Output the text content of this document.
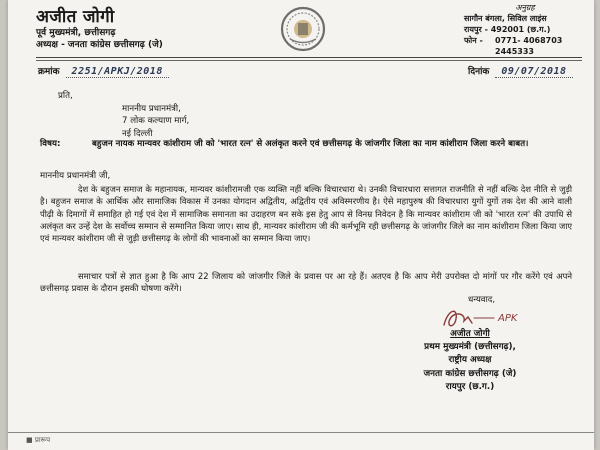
अजीत जोगी
पूर्व मुख्यमंत्री, छत्तीसगढ़
अध्यक्ष - जनता कांग्रेस छत्तीसगढ़ (जे)
अनुग्रह
सागौन बंगला, सिविल लाइंस
रायपुर - 492001 (छ.ग.)
फोन -	0771- 4068703
2445333
क्रमांक	2251/APKJ/2018	दिनांक	09/07/2018
प्रति,
माननीय प्रधानमंत्री,
7 लोक कल्याण मार्ग,
नई दिल्ली
विषय:	बहुजन नायक मान्यवर कांशीराम जी को 'भारत रत्न' से अलंकृत करने एवं छत्तीसगढ़ के जांजगीर जिला का नाम कांशीराम जिला करने बाबत।
माननीय प्रधानमंत्री जी,
देश के बहुजन समाज के महानायक, मान्यवर कांशीरामजी एक व्यक्ति नहीं बल्कि विचारधारा थे। उनकी विचारधारा सत्तागत राजनीति से नहीं बल्कि देश नीति से जुड़ी है। बहुजन समाज के आर्थिक और सामाजिक विकास में उनका योगदान अद्वितीय, अद्वितीय एवं अविस्मरणीय है। ऐसे महापुरुष की विचारधारा युगों युगों तक देश की आने वाली पीढ़ी के दिमागों में समाहित हो गई एवं देश में सामाजिक समानता का उदाहरण बन सके इस हेतु आप से विनम्र निवेदन है कि मान्यवर कांशीराम जी को 'भारत रत्न' की उपाधि से अलंकृत कर उन्हें देश के सर्वोच्च सम्मान से सम्मानित किया जाए। साथ ही, मान्यवर कांशीराम जी की कर्मभूमि रही छत्तीसगढ़ के जांजगीर जिले का नाम कांशीराम जिला किया जाए एवं मान्यवर कांशीराम जी से जुड़ी छत्तीसगढ़ के लोगों की भावनाओं का सम्मान किया जाए।
समाचार पत्रों से ज्ञात हुआ है कि आप 22 जिलाय को जांजगीर जिले के प्रवास पर आ रहे हैं। अतएव है कि आप मेरी उपरोक्त दो मांगों पर गौर करेंगे एवं अपने छत्तीसगढ़ प्रवास के दौरान इसकी घोषणा करेंगे।
धन्यवाद,
APK
अजीत जोगी
प्रथम मुख्यमंत्री (छत्तीसगढ़),
राष्ट्रीय अध्यक्ष
जनता कांग्रेस छत्तीसगढ़ (जे)
रायपुर (छ.ग.)
■ प्रारूप
